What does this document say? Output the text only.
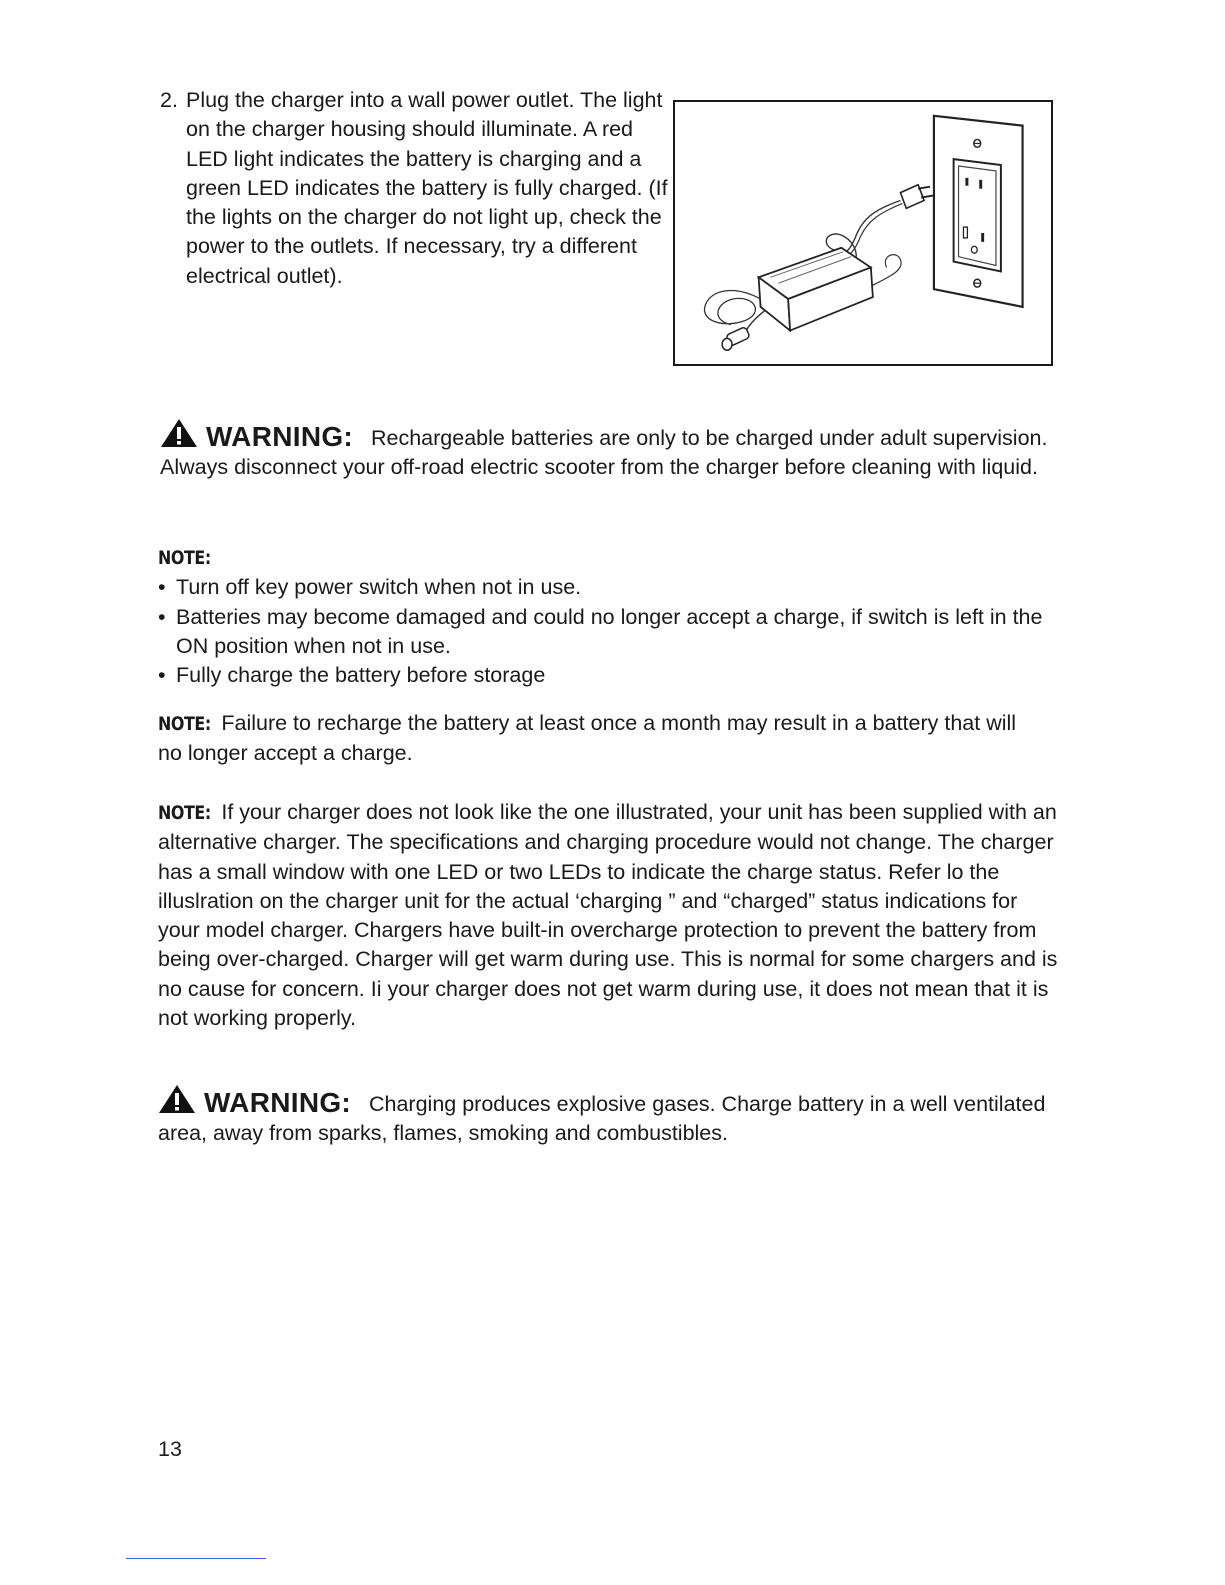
2. Plug the charger into a wall power outlet. The light on the charger housing should illuminate. A red LED light indicates the battery is charging and a green LED indicates the battery is fully charged. (If the lights on the charger do not light up, check the power to the outlets. If necessary, try a different electrical outlet).
WARNING: Rechargeable batteries are only to be charged under adult supervision. Always disconnect your off-road electric scooter from the charger before cleaning with liquid.
NOTE:
• Turn off key power switch when not in use.
• Batteries may become damaged and could no longer accept a charge, if switch is left in the ON position when not in use.
• Fully charge the battery before storage
NOTE: Failure to recharge the battery at least once a month may result in a battery that will no longer accept a charge.
NOTE: If your charger does not look like the one illustrated, your unit has been supplied with an alternative charger. The specifications and charging procedure would not change. The charger has a small window with one LED or two LEDs to indicate the charge status. Refer lo the illuslration on the charger unit for the actual ‘charging ” and “charged” status indications for your model charger. Chargers have built-in overcharge protection to prevent the battery from being over-charged. Charger will get warm during use. This is normal for some chargers and is no cause for concern. Ii your charger does not get warm during use, it does not mean that it is not working properly.
WARNING: Charging produces explosive gases. Charge battery in a well ventilated area, away from sparks, flames, smoking and combustibles.
13
